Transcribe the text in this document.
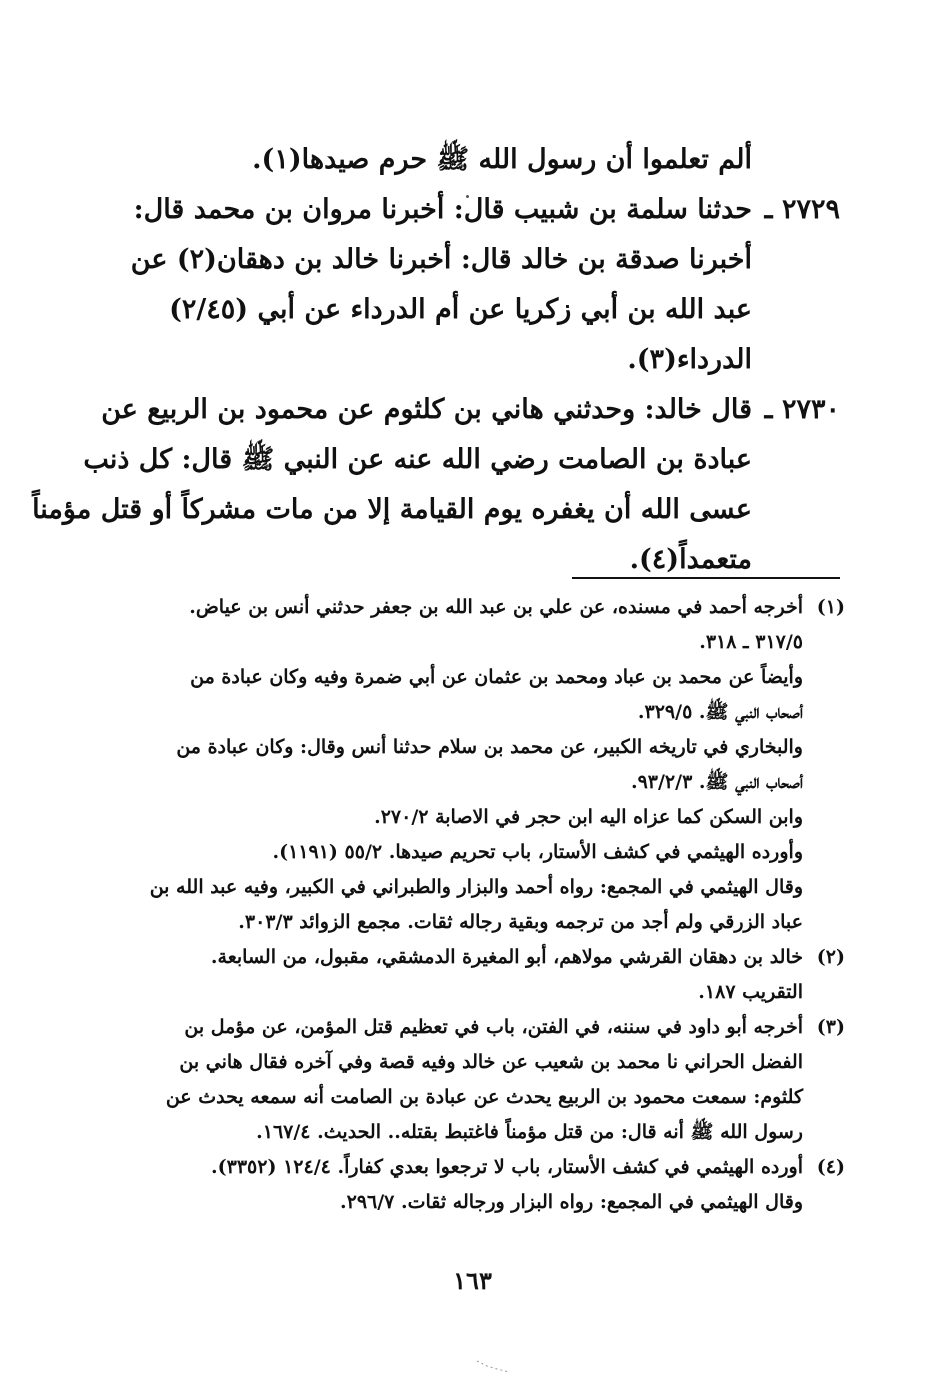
ألم تعلموا أن رسول الله ﷺ حرم صيدها(١).
٢٧٢٩ ـ
حدثنا سلمة بن شبيب قال: أخبرنا مروان بن محمد قال:
أخبرنا صدقة بن خالد قال: أخبرنا خالد بن دهقان(٢) عن
عبد الله بن أبي زكريا عن أم الدرداء عن أبي (٢/٤٥)
الدرداء(٣).
٢٧٣٠ ـ
قال خالد: وحدثني هاني بن كلثوم عن محمود بن الربيع عن
عبادة بن الصامت رضي الله عنه عن النبي ﷺ قال: كل ذنب
عسى الله أن يغفره يوم القيامة إلا من مات مشركاً أو قتل مؤمناً
متعمداً(٤).
(١)
أخرجه أحمد في مسنده، عن علي بن عبد الله بن جعفر حدثني أنس بن عياض.
٣١٧/٥ ـ ٣١٨.
وأيضاً عن محمد بن عباد ومحمد بن عثمان عن أبي ضمرة وفيه وكان عبادة من
أصحاب النبي ﷺ. ٣٢٩/٥.
والبخاري في تاريخه الكبير، عن محمد بن سلام حدثنا أنس وقال: وكان عبادة من
أصحاب النبي ﷺ. ٩٣/٢/٣.
وابن السكن كما عزاه اليه ابن حجر في الاصابة ٢٧٠/٢.
وأورده الهيثمي في كشف الأستار، باب تحريم صيدها. ٥٥/٢ (١١٩١).
وقال الهيثمي في المجمع: رواه أحمد والبزار والطبراني في الكبير، وفيه عبد الله بن
عباد الزرقي ولم أجد من ترجمه وبقية رجاله ثقات. مجمع الزوائد ٣٠٣/٣.
(٢)
خالد بن دهقان القرشي مولاهم، أبو المغيرة الدمشقي، مقبول، من السابعة.
التقريب ١٨٧.
(٣)
أخرجه أبو داود في سننه، في الفتن، باب في تعظيم قتل المؤمن، عن مؤمل بن
الفضل الحراني نا محمد بن شعيب عن خالد وفيه قصة وفي آخره فقال هاني بن
كلثوم: سمعت محمود بن الربيع يحدث عن عبادة بن الصامت أنه سمعه يحدث عن
رسول الله ﷺ أنه قال: من قتل مؤمناً فاغتبط بقتله.. الحديث. ١٦٧/٤.
(٤)
أورده الهيثمي في كشف الأستار، باب لا ترجعوا بعدي كفاراً. ١٢٤/٤ (٣٣٥٢).
وقال الهيثمي في المجمع: رواه البزار ورجاله ثقات. ٢٩٦/٧.
١٦٣
